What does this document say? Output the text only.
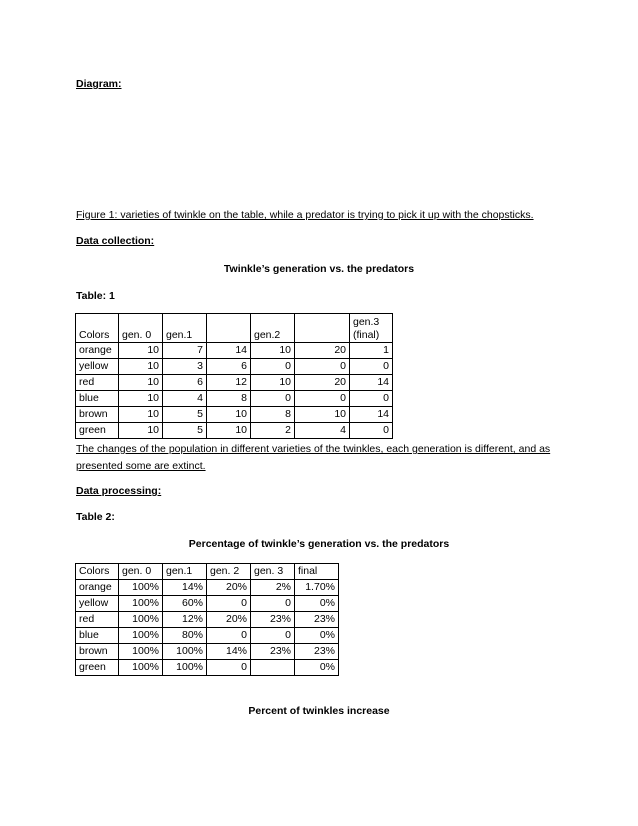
Diagram:
Figure 1: varieties of twinkle on the table, while a predator is trying to pick it up with the chopsticks.
Data collection:
Twinkle’s generation vs. the predators
Table: 1
Colors	gen. 0	gen.1		gen.2		gen.3 (final)
orange	10	7	14	10	20	1
yellow	10	3	6	0	0	0
red	10	6	12	10	20	14
blue	10	4	8	0	0	0
brown	10	5	10	8	10	14
green	10	5	10	2	4	0
The changes of the population in different varieties of the twinkles, each generation is different, and as presented some are extinct.
Data processing:
Table 2:
Percentage of twinkle’s generation vs. the predators
Colors	gen. 0	gen.1	gen. 2	gen. 3	final
orange	100%	14%	20%	2%	1.70%
yellow	100%	60%	0	0	0%
red	100%	12%	20%	23%	23%
blue	100%	80%	0	0	0%
brown	100%	100%	14%	23%	23%
green	100%	100%	0		0%
Percent of twinkles increase
